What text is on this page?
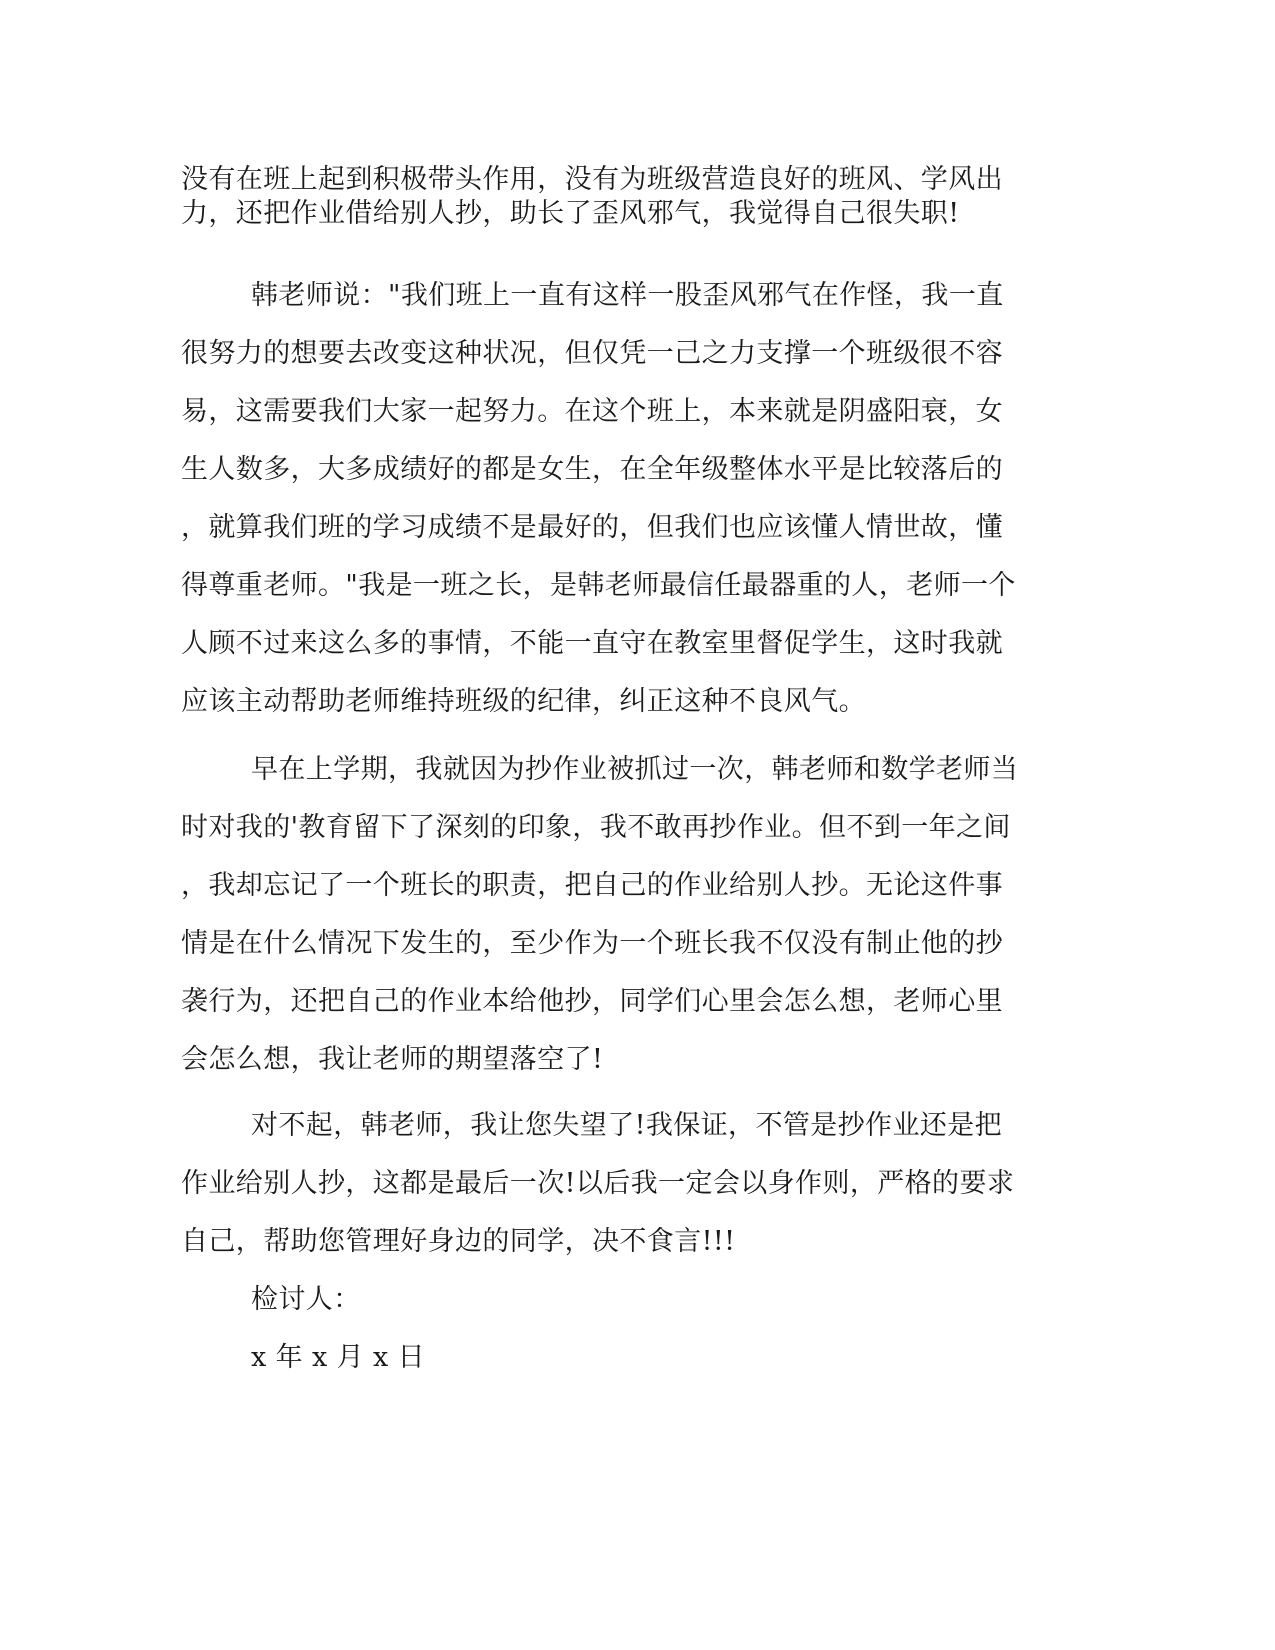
没有在班上起到积极带头作用，没有为班级营造良好的班风、学风出
力，还把作业借给别人抄，助长了歪风邪气，我觉得自己很失职!
韩老师说："我们班上一直有这样一股歪风邪气在作怪，我一直
很努力的想要去改变这种状况，但仅凭一己之力支撑一个班级很不容
易，这需要我们大家一起努力。在这个班上，本来就是阴盛阳衰，女
生人数多，大多成绩好的都是女生，在全年级整体水平是比较落后的
，就算我们班的学习成绩不是最好的，但我们也应该懂人情世故，懂
得尊重老师。"我是一班之长，是韩老师最信任最器重的人，老师一个
人顾不过来这么多的事情，不能一直守在教室里督促学生，这时我就
应该主动帮助老师维持班级的纪律，纠正这种不良风气。
早在上学期，我就因为抄作业被抓过一次，韩老师和数学老师当
时对我的'教育留下了深刻的印象，我不敢再抄作业。但不到一年之间
，我却忘记了一个班长的职责，把自己的作业给别人抄。无论这件事
情是在什么情况下发生的，至少作为一个班长我不仅没有制止他的抄
袭行为，还把自己的作业本给他抄，同学们心里会怎么想，老师心里
会怎么想，我让老师的期望落空了!
对不起，韩老师，我让您失望了!我保证，不管是抄作业还是把
作业给别人抄，这都是最后一次!以后我一定会以身作则，严格的要求
自己，帮助您管理好身边的同学，决不食言!!!
检讨人：
x 年 x 月 x 日
